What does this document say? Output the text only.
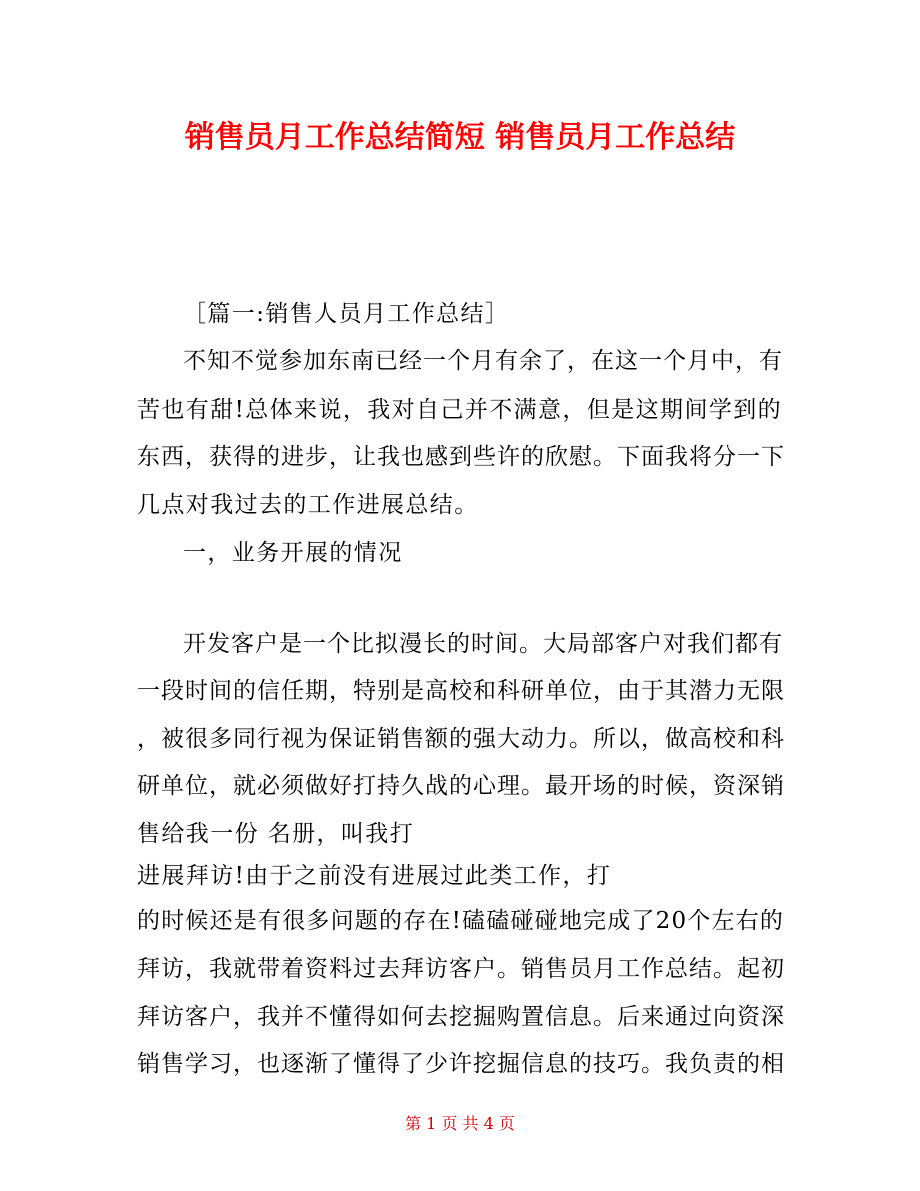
销售员月工作总结简短 销售员月工作总结
［篇一:销售人员月工作总结］
不知不觉参加东南已经一个月有余了，在这一个月中，有
苦也有甜!总体来说，我对自己并不满意，但是这期间学到的
东西，获得的进步，让我也感到些许的欣慰。下面我将分一下
几点对我过去的工作进展总结。
一，业务开展的情况
开发客户是一个比拟漫长的时间。大局部客户对我们都有
一段时间的信任期，特别是高校和科研单位，由于其潜力无限
，被很多同行视为保证销售额的强大动力。所以，做高校和科
研单位，就必须做好打持久战的心理。最开场的时候，资深销
售给我一份 名册，叫我打
进展拜访!由于之前没有进展过此类工作，打
的时候还是有很多问题的存在!磕磕碰碰地完成了20个左右的
拜访，我就带着资料过去拜访客户。销售员月工作总结。起初
拜访客户，我并不懂得如何去挖掘购置信息。后来通过向资深
销售学习，也逐渐了懂得了少许挖掘信息的技巧。我负责的相
第 1 页 共 4 页
